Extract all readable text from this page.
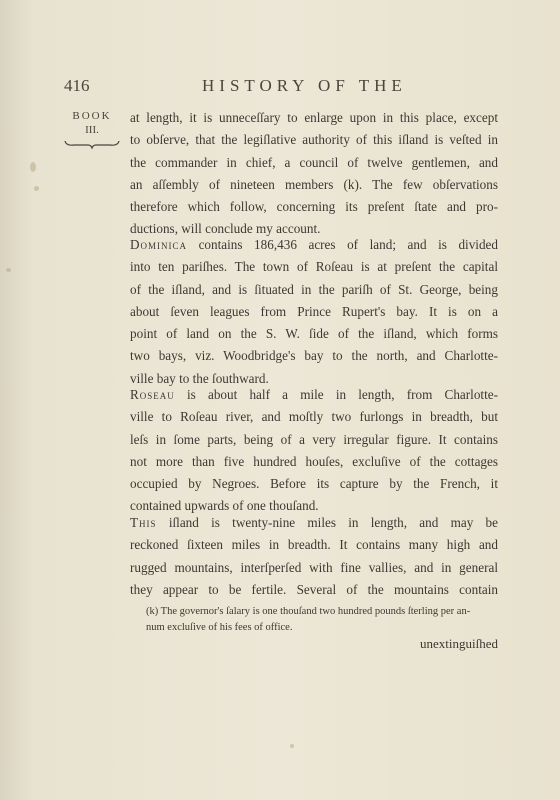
416	HISTORY OF THE
BOOK
III.
at length, it is unneceſſary to enlarge upon in this place, except
to obſerve, that the legiſlative authority of this iſland is veſted in
the commander in chief, a council of twelve gentlemen, and
an aſſembly of nineteen members (k). The few obſervations
therefore which follow, concerning its preſent ſtate and pro-
ductions, will conclude my account.
Dominica contains 186,436 acres of land; and is divided
into ten pariſhes. The town of Roſeau is at preſent the capital
of the iſland, and is ſituated in the pariſh of St. George, being
about ſeven leagues from Prince Rupert's bay. It is on a
point of land on the S. W. ſide of the iſland, which forms
two bays, viz. Woodbridge's bay to the north, and Charlotte-
ville bay to the ſouthward.
Roseau is about half a mile in length, from Charlotte-
ville to Roſeau river, and moſtly two furlongs in breadth, but
leſs in ſome parts, being of a very irregular figure. It contains
not more than five hundred houſes, excluſive of the cottages
occupied by Negroes. Before its capture by the French, it
contained upwards of one thouſand.
This iſland is twenty-nine miles in length, and may be
reckoned ſixteen miles in breadth. It contains many high and
rugged mountains, interſperſed with fine vallies, and in general
they appear to be fertile. Several of the mountains contain
(k) The governor's ſalary is one thouſand two hundred pounds ſterling per an-
num excluſive of his fees of office.
unextinguiſhed
